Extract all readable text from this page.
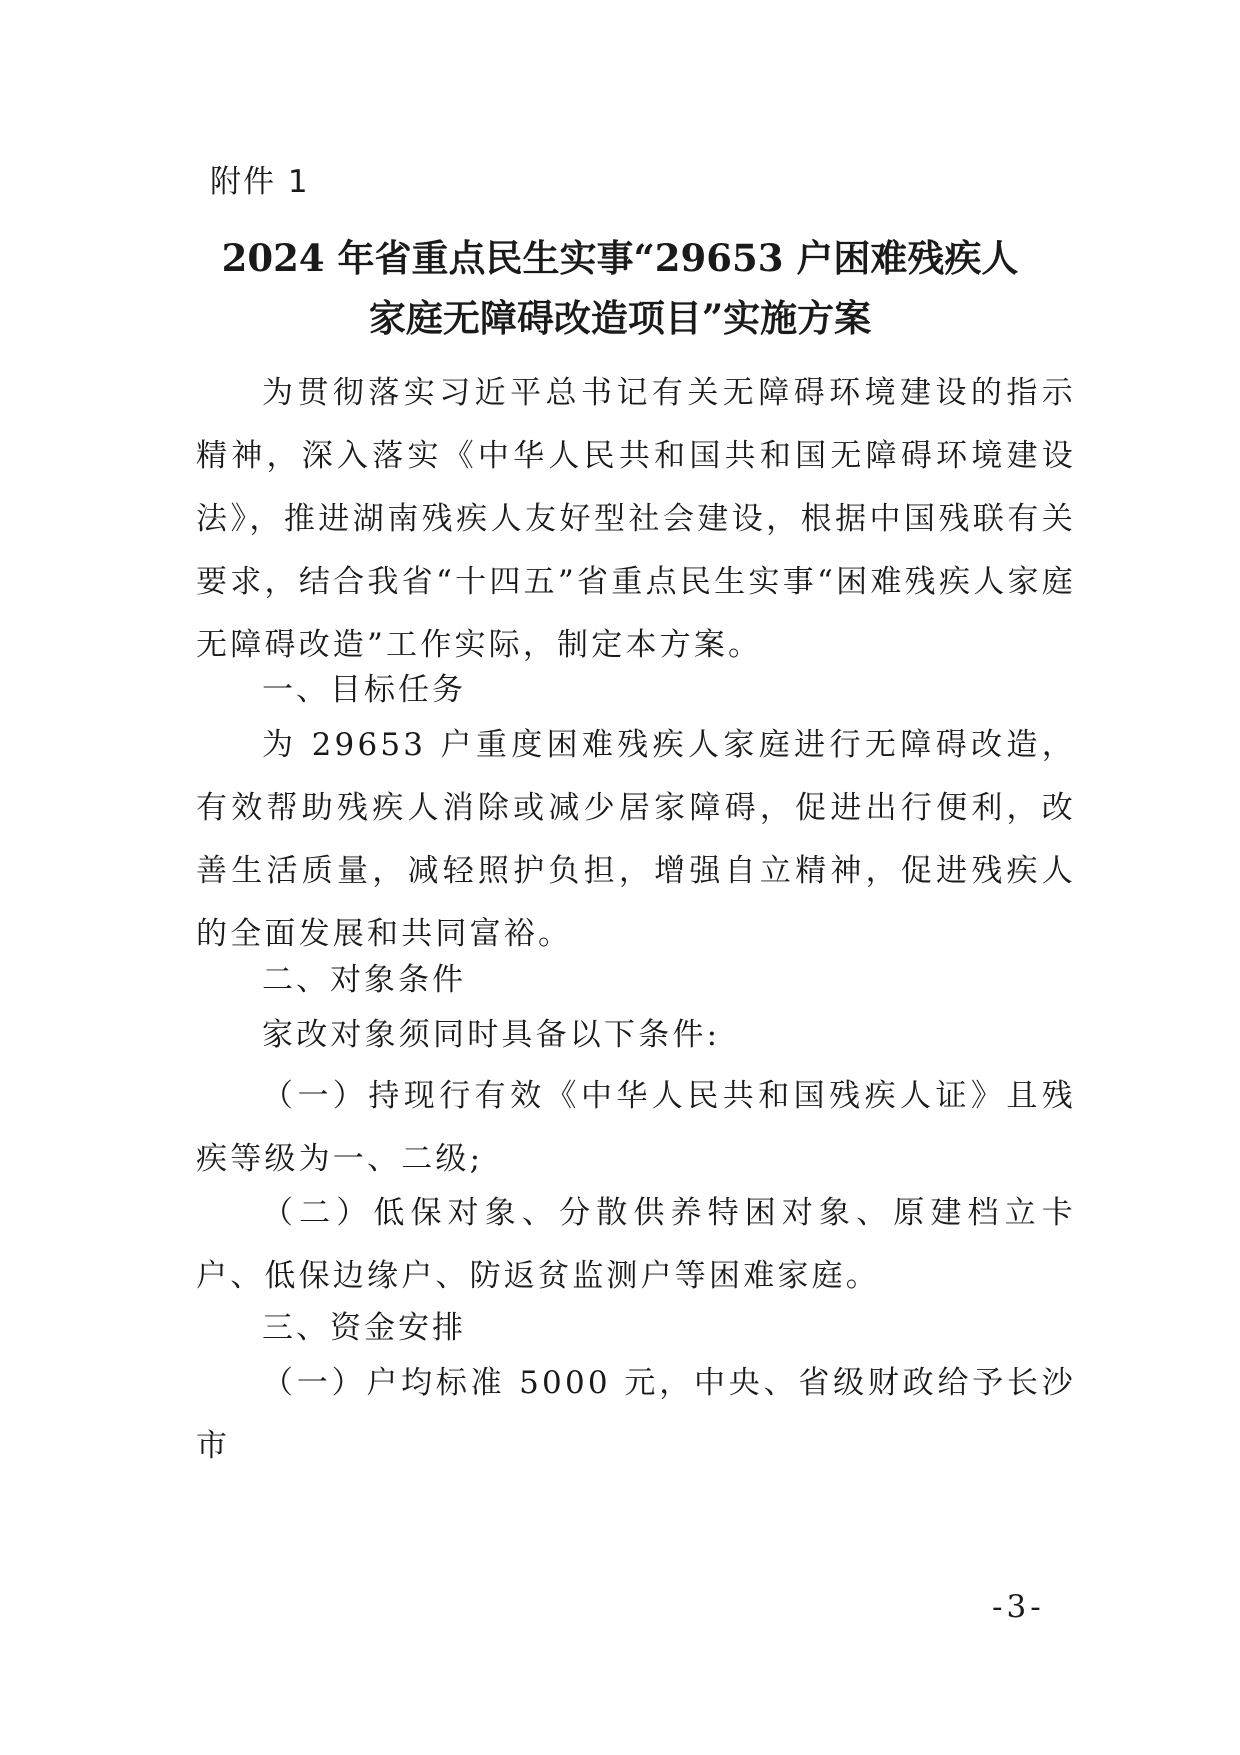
附件 1
2024 年省重点民生实事“29653 户困难残疾人
家庭无障碍改造项目”实施方案

为贯彻落实习近平总书记有关无障碍环境建设的指示精神，深入落实《中华人民共和国共和国无障碍环境建设法》，推进湖南残疾人友好型社会建设，根据中国残联有关要求，结合我省“十四五”省重点民生实事“困难残疾人家庭无障碍改造”工作实际，制定本方案。

一、目标任务

为 29653 户重度困难残疾人家庭进行无障碍改造，有效帮助残疾人消除或减少居家障碍，促进出行便利，改善生活质量，减轻照护负担，增强自立精神，促进残疾人的全面发展和共同富裕。

二、对象条件

家改对象须同时具备以下条件:

（一）持现行有效《中华人民共和国残疾人证》且残疾等级为一、二级;

（二）低保对象、分散供养特困对象、原建档立卡户、低保边缘户、防返贫监测户等困难家庭。

三、资金安排

（一）户均标准 5000 元，中央、省级财政给予长沙市

-3-
